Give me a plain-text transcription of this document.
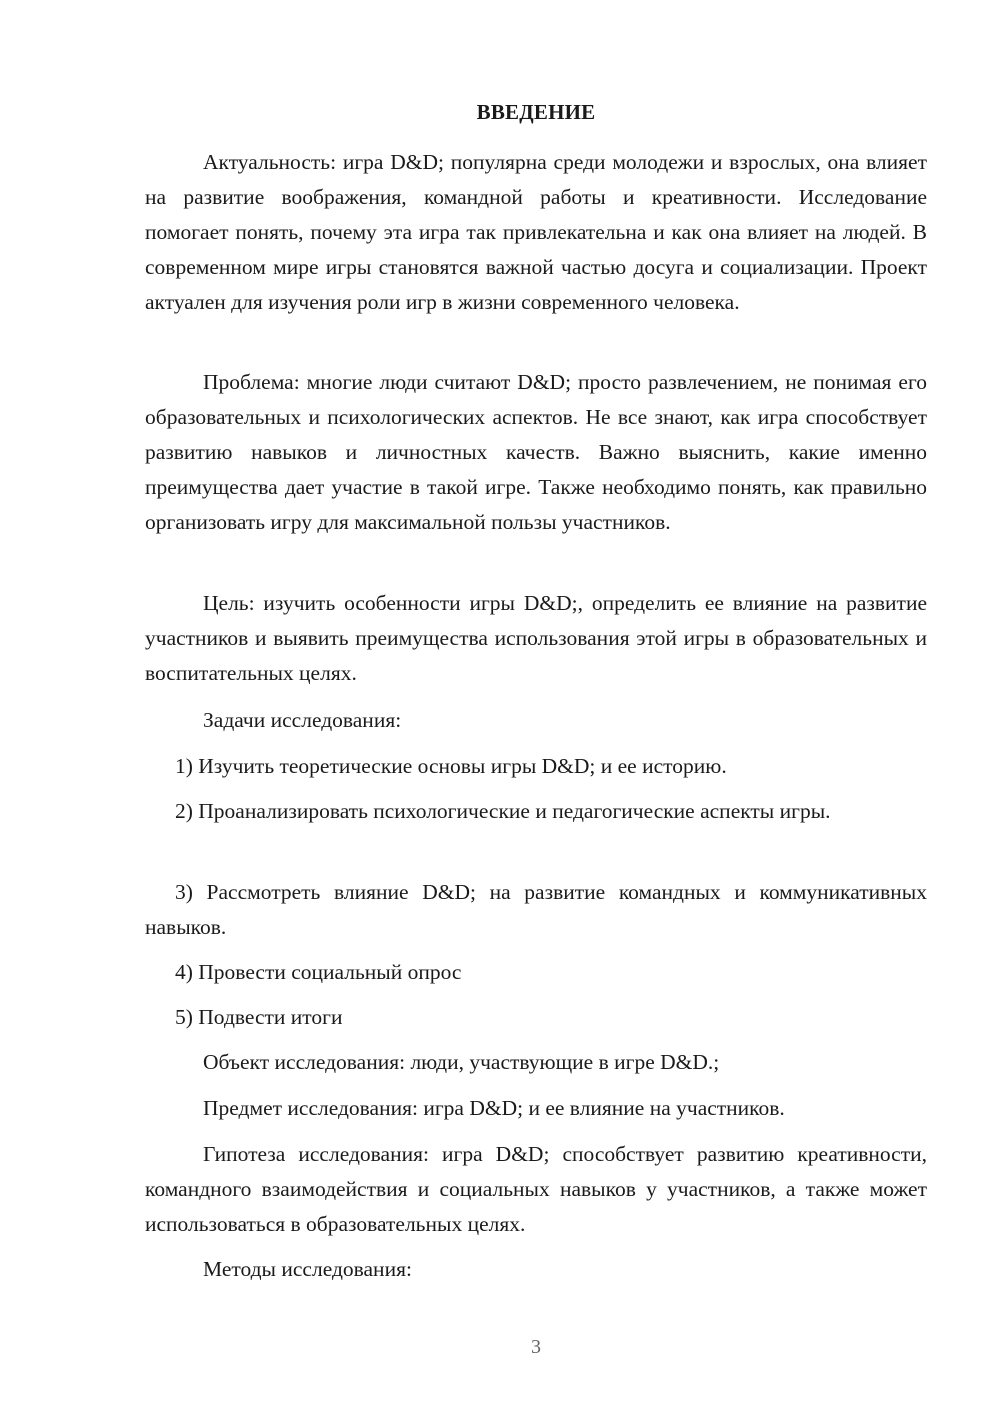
ВВЕДЕНИЕ

Актуальность: игра D&D; популярна среди молодежи и взрослых, она влияет на развитие воображения, командной работы и креативности. Исследование помогает понять, почему эта игра так привлекательна и как она влияет на людей. В современном мире игры становятся важной частью досуга и социализации. Проект актуален для изучения роли игр в жизни современного человека.

Проблема: многие люди считают D&D; просто развлечением, не понимая его образовательных и психологических аспектов. Не все знают, как игра способствует развитию навыков и личностных качеств. Важно выяснить, какие именно преимущества дает участие в такой игре. Также необходимо понять, как правильно организовать игру для максимальной пользы участников.

Цель: изучить особенности игры D&D;, определить ее влияние на развитие участников и выявить преимущества использования этой игры в образовательных и воспитательных целях.

Задачи исследования:

1) Изучить теоретические основы игры D&D; и ее историю.

2) Проанализировать психологические и педагогические аспекты игры.

3) Рассмотреть влияние D&D; на развитие командных и коммуникативных навыков.

4) Провести социальный опрос

5) Подвести итоги

Объект исследования: люди, участвующие в игре D&D.;

Предмет исследования: игра D&D; и ее влияние на участников.

Гипотеза исследования: игра D&D; способствует развитию креативности, командного взаимодействия и социальных навыков у участников, а также может использоваться в образовательных целях.

Методы исследования:

3
